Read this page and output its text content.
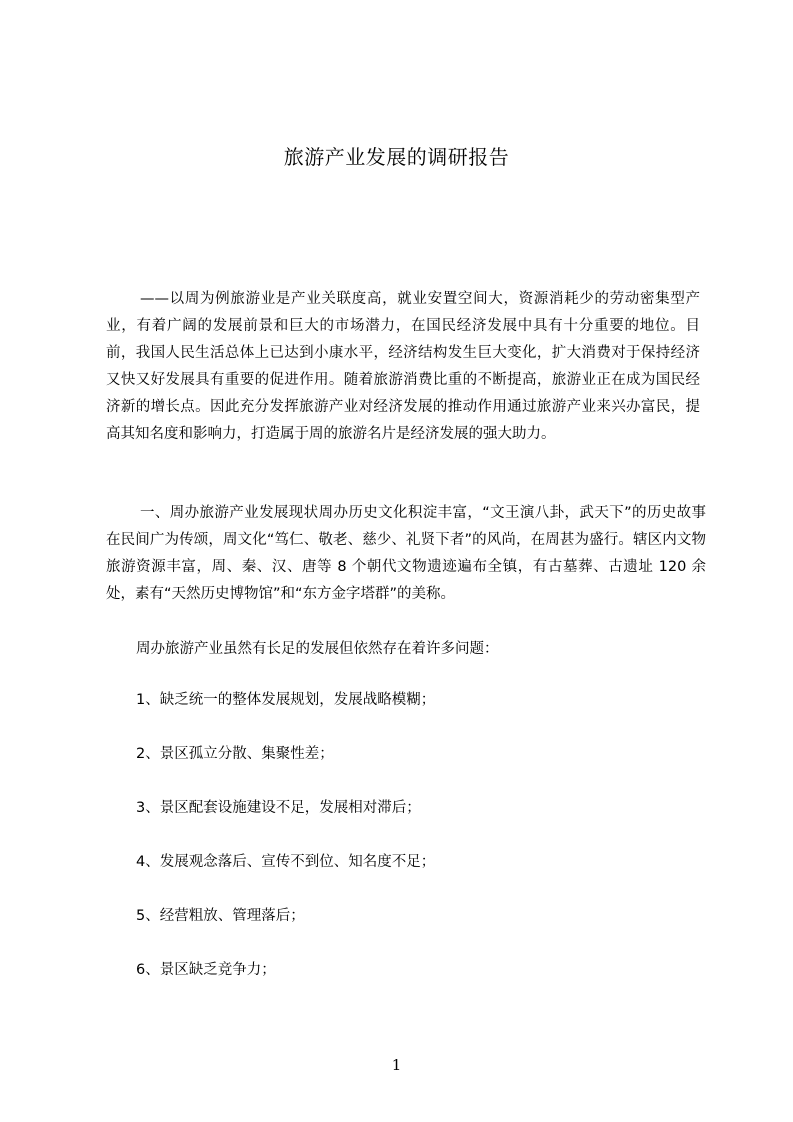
旅游产业发展的调研报告

——以周为例旅游业是产业关联度高，就业安置空间大，资源消耗少的劳动密集型产业，有着广阔的发展前景和巨大的市场潜力，在国民经济发展中具有十分重要的地位。目前，我国人民生活总体上已达到小康水平，经济结构发生巨大变化，扩大消费对于保持经济又快又好发展具有重要的促进作用。随着旅游消费比重的不断提高，旅游业正在成为国民经济新的增长点。因此充分发挥旅游产业对经济发展的推动作用通过旅游产业来兴办富民，提高其知名度和影响力，打造属于周的旅游名片是经济发展的强大助力。

一、周办旅游产业发展现状周办历史文化积淀丰富，“文王演八卦，武天下”的历史故事在民间广为传颂，周文化“笃仁、敬老、慈少、礼贤下者”的风尚，在周甚为盛行。辖区内文物旅游资源丰富，周、秦、汉、唐等 8 个朝代文物遗迹遍布全镇，有古墓葬、古遗址 120 余处，素有“天然历史博物馆”和“东方金字塔群”的美称。

周办旅游产业虽然有长足的发展但依然存在着许多问题：

1、缺乏统一的整体发展规划，发展战略模糊；
2、景区孤立分散、集聚性差；
3、景区配套设施建设不足，发展相对滞后；
4、发展观念落后、宣传不到位、知名度不足；
5、经营粗放、管理落后；
6、景区缺乏竞争力；
1
